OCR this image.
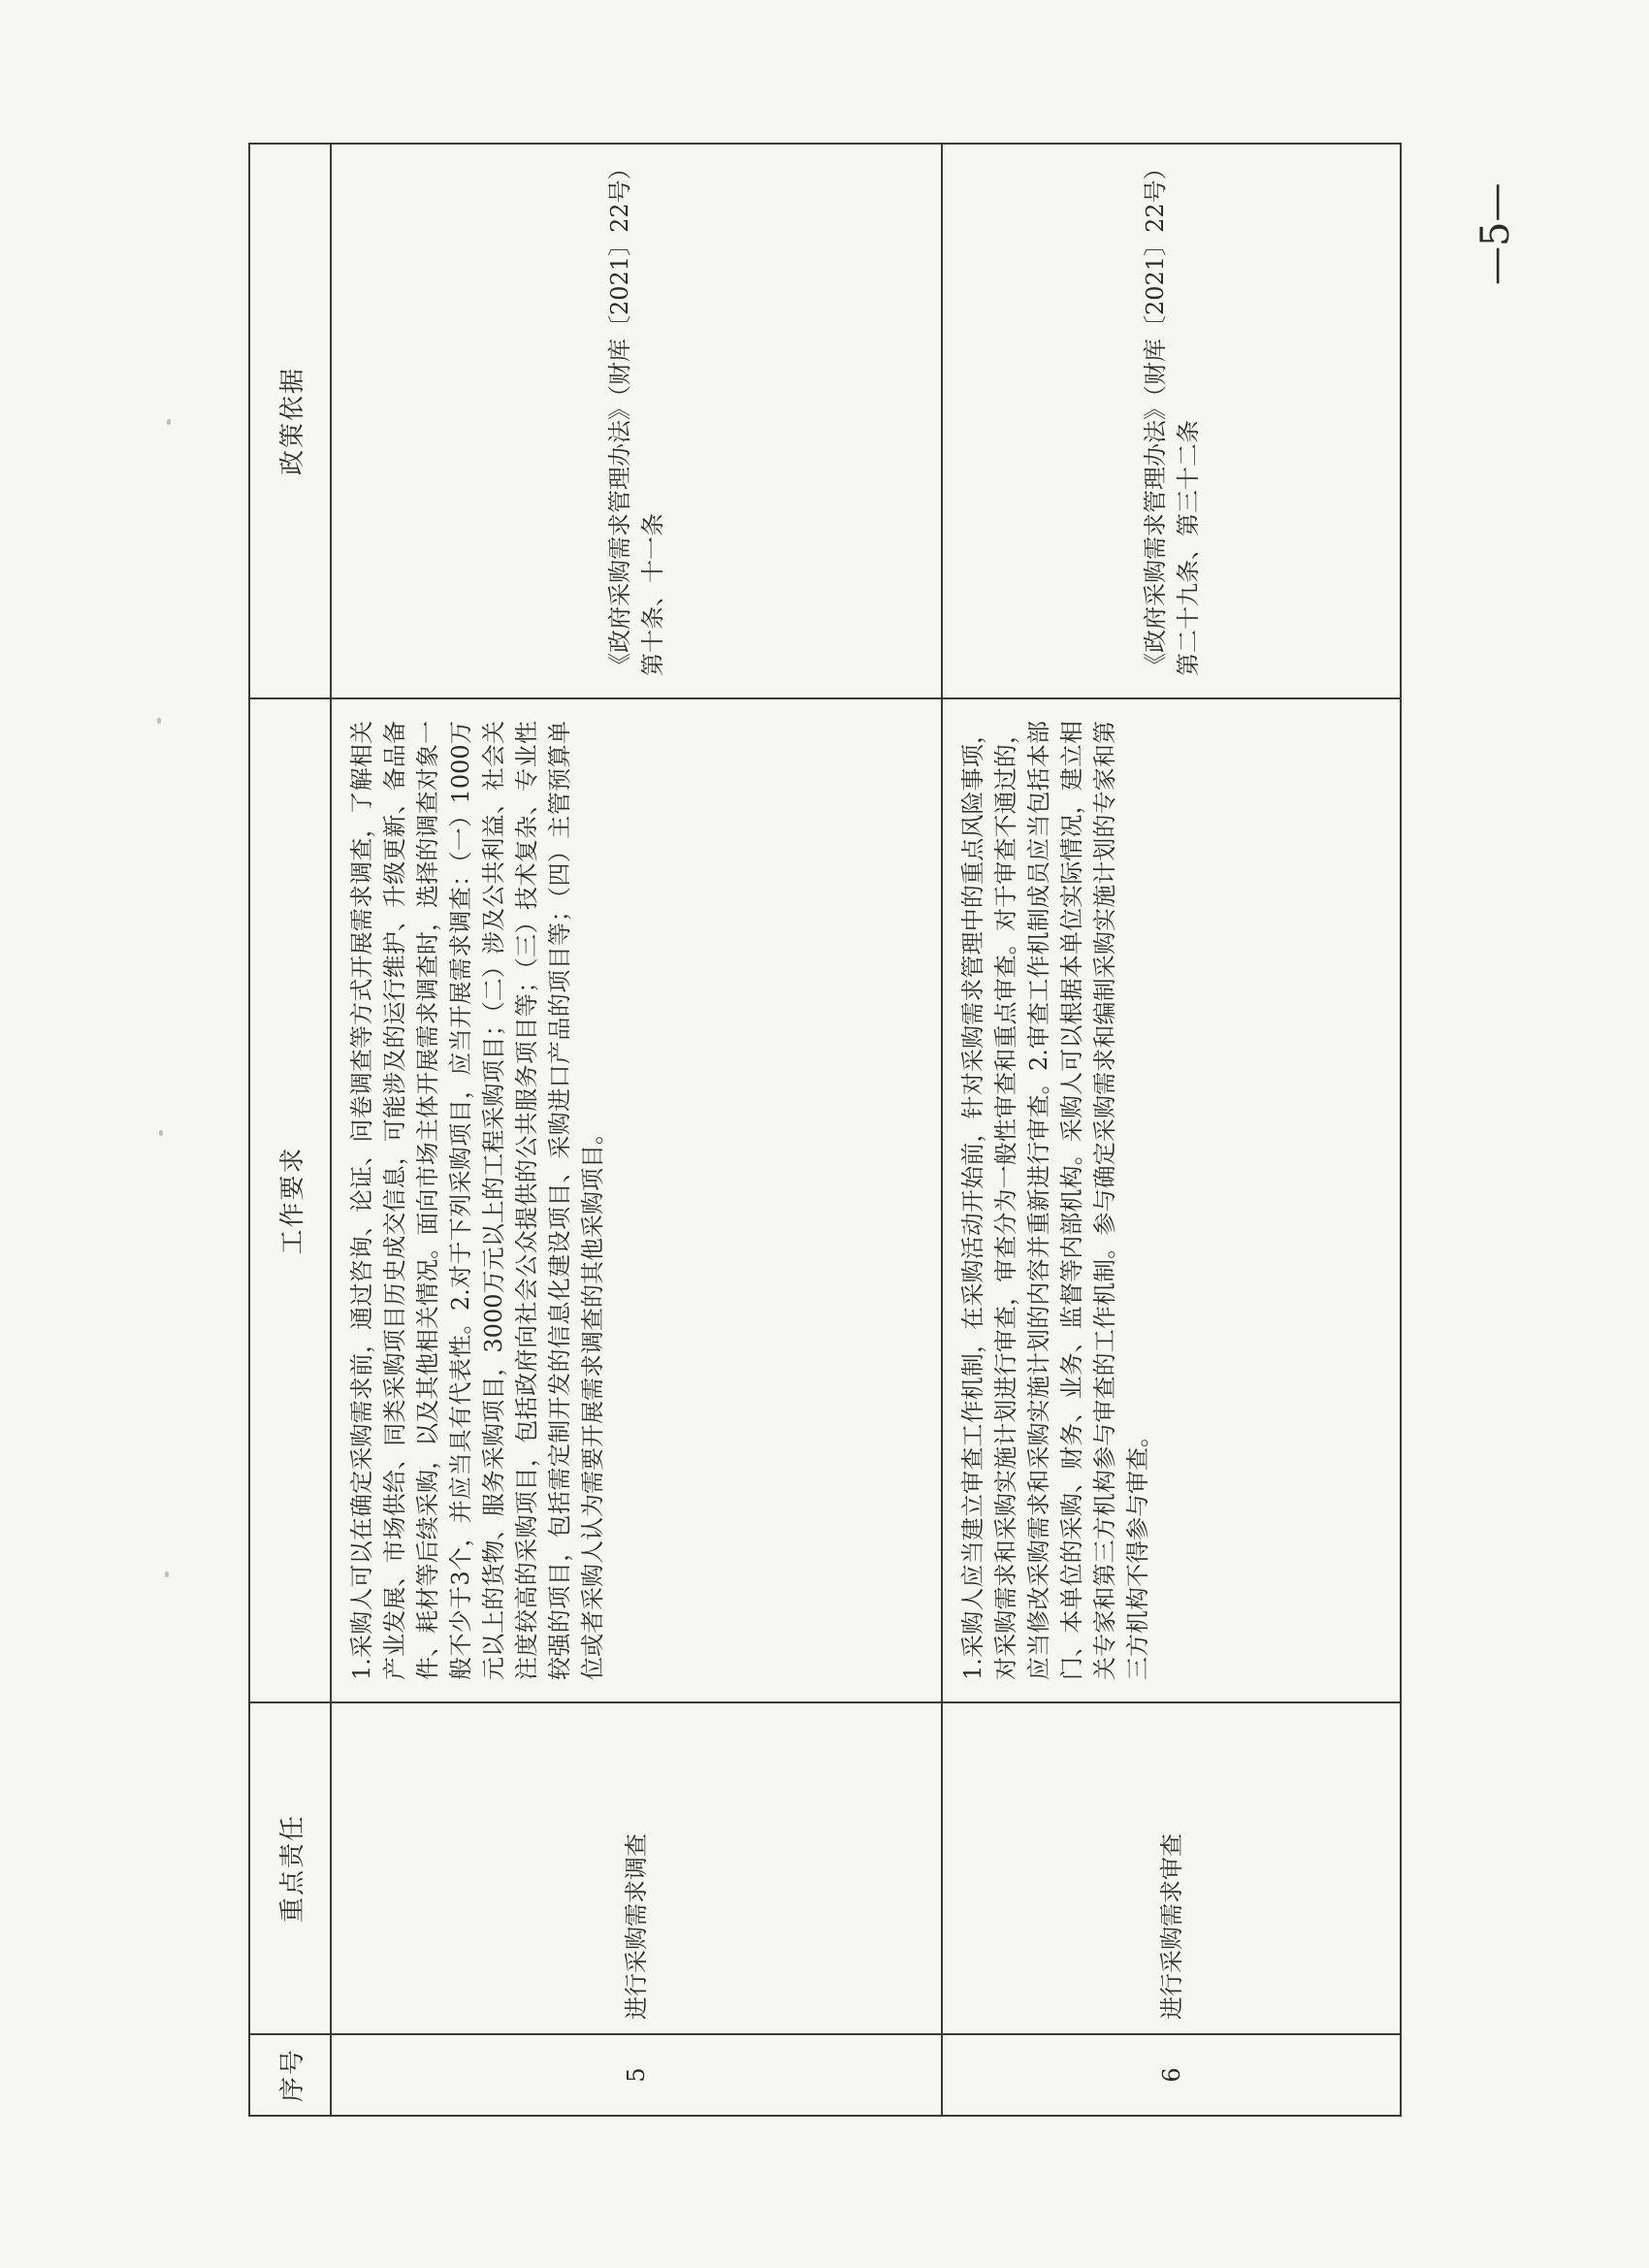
序号	重点责任	工作要求	政策依据
5	进行采购需求调查	1.采购人可以在确定采购需求前，通过咨询、论证、问卷调查等方式开展需求调查，了解相关产业发展、市场供给、同类采购项目历史成交信息，可能涉及的运行维护、升级更新、备品备件、耗材等后续采购，以及其他相关情况。面向市场主体开展需求调查时，选择的调查对象一般不少于3个，并应当具有代表性。2.对于下列采购项目，应当开展需求调查：（一）1000万元以上的货物、服务采购项目，3000万元以上的工程采购项目；（二）涉及公共利益、社会关注度较高的采购项目，包括政府向社会公众提供的公共服务项目等；（三）技术复杂、专业性较强的项目，包括需定制开发的信息化建设项目、采购进口产品的项目等；（四）主管预算单位或者采购人认为需要开展需求调查的其他采购项目。	《政府采购需求管理办法》（财库〔2021〕22号）第十条、十一条

6	进行采购需求审查	1.采购人应当建立审查工作机制，在采购活动开始前，针对采购需求管理中的重点风险事项，对采购需求和采购实施计划进行审查，审查分为一般性审查和重点审查。对于审查不通过的，应当修改采购需求和采购实施计划的内容并重新进行审查。2.审查工作机制成员应当包括本部门、本单位的采购、财务、业务、监督等内部机构。采购人可以根据本单位实际情况，建立相关专家和第三方机构参与审查的工作机制。参与确定采购需求和编制采购实施计划的专家和第三方机构不得参与审查。	《政府采购需求管理办法》（财库〔2021〕22号）第二十九条、第三十二条
—5—
